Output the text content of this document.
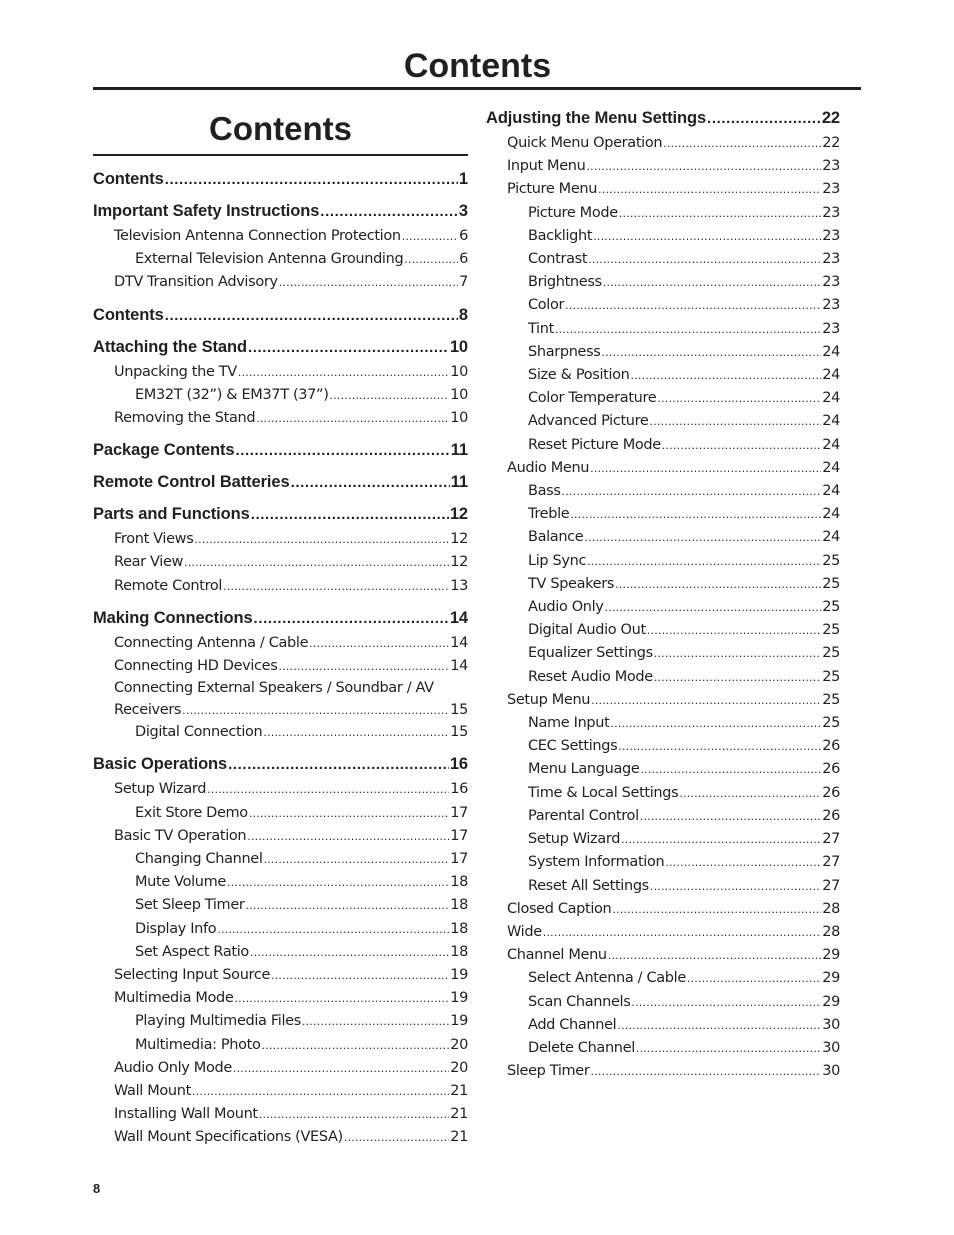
Contents
Contents
Contents .....	1
Important Safety Instructions .....	3
Television Antenna Connection Protection .....	6
External Television Antenna Grounding .....	6
DTV Transition Advisory .....	7
Contents .....	8
Attaching the Stand .....	10
Unpacking the TV .....	10
EM32T (32”) & EM37T (37”) .....	10
Removing the Stand .....	10
Package Contents .....	11
Remote Control Batteries .....	11
Parts and Functions .....	12
Front Views .....	12
Rear View .....	12
Remote Control .....	13
Making Connections .....	14
Connecting Antenna / Cable .....	14
Connecting HD Devices .....	14
Connecting External Speakers / Soundbar / AV
Receivers .....	15
Digital Connection .....	15
Basic Operations .....	16
Setup Wizard .....	16
Exit Store Demo .....	17
Basic TV Operation .....	17
Changing Channel .....	17
Mute Volume .....	18
Set Sleep Timer .....	18
Display Info .....	18
Set Aspect Ratio .....	18
Selecting Input Source .....	19
Multimedia Mode .....	19
Playing Multimedia Files .....	19
Multimedia: Photo .....	20
Audio Only Mode .....	20
Wall Mount .....	21
Installing Wall Mount .....	21
Wall Mount Specifications (VESA) .....	21
Adjusting the Menu Settings .....	22
Quick Menu Operation .....	22
Input Menu .....	23
Picture Menu .....	23
Picture Mode .....	23
Backlight .....	23
Contrast .....	23
Brightness .....	23
Color .....	23
Tint .....	23
Sharpness .....	24
Size & Position .....	24
Color Temperature .....	24
Advanced Picture .....	24
Reset Picture Mode .....	24
Audio Menu .....	24
Bass .....	24
Treble .....	24
Balance .....	24
Lip Sync .....	25
TV Speakers .....	25
Audio Only .....	25
Digital Audio Out .....	25
Equalizer Settings .....	25
Reset Audio Mode .....	25
Setup Menu .....	25
Name Input .....	25
CEC Settings .....	26
Menu Language .....	26
Time & Local Settings .....	26
Parental Control .....	26
Setup Wizard .....	27
System Information .....	27
Reset All Settings .....	27
Closed Caption .....	28
Wide .....	28
Channel Menu .....	29
Select Antenna / Cable .....	29
Scan Channels .....	29
Add Channel .....	30
Delete Channel .....	30
Sleep Timer .....	30
8
